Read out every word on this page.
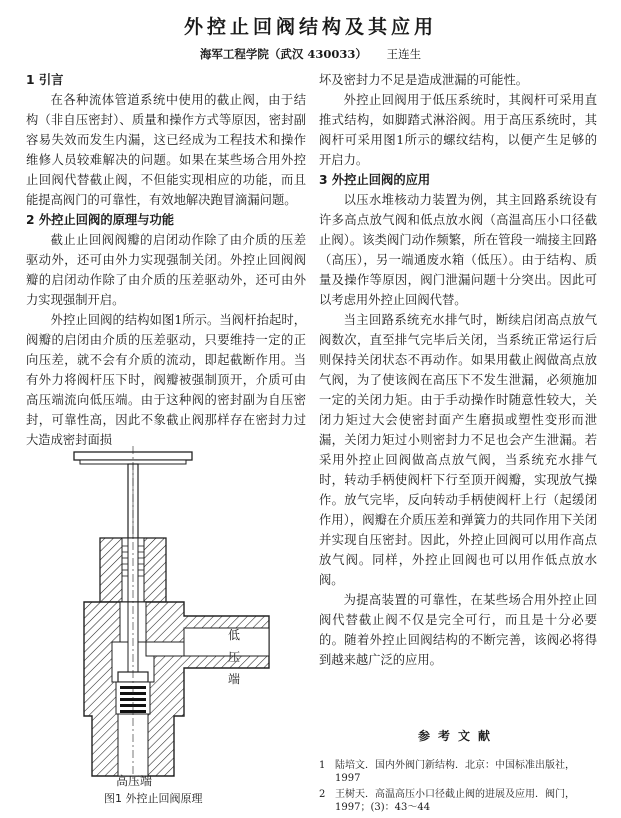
外控止回阀结构及其应用
海军工程学院（武汉 430033） 王连生

1 引言

在各种流体管道系统中使用的截止阀，由于结构（非自压密封）、质量和操作方式等原因，密封副容易失效而发生内漏，这已经成为工程技术和操作维修人员较难解决的问题。如果在某些场合用外控止回阀代替截止阀，不但能实现相应的功能，而且能提高阀门的可靠性，有效地解决跑冒滴漏问题。

2 外控止回阀的原理与功能

截止止回阀阀瓣的启闭动作除了由介质的压差驱动外，还可由外力实现强制关闭。外控止回阀阀瓣的启闭动作除了由介质的压差驱动外，还可由外力实现强制开启。

外控止回阀的结构如图1所示。当阀杆抬起时，阀瓣的启闭由介质的压差驱动，只要维持一定的正向压差，就不会有介质的流动，即起截断作用。当有外力将阀杆压下时，阀瓣被强制顶开，介质可由高压端流向低压端。由于这种阀的密封副为自压密封，可靠性高，因此不象截止阀那样存在密封力过大造成密封面损

低
压
端
高压端
图1 外控止回阀原理

坏及密封力不足是造成泄漏的可能性。

外控止回阀用于低压系统时，其阀杆可采用直推式结构，如脚踏式淋浴阀。用于高压系统时，其阀杆可采用图1所示的螺纹结构，以便产生足够的开启力。

3 外控止回阀的应用

以压水堆核动力装置为例，其主回路系统设有许多高点放气阀和低点放水阀（高温高压小口径截止阀）。该类阀门动作频繁，所在管段一端接主回路（高压），另一端通废水箱（低压）。由于结构、质量及操作等原因，阀门泄漏问题十分突出。因此可以考虑用外控止回阀代替。

当主回路系统充水排气时，断续启闭高点放气阀数次，直至排气完毕后关闭，当系统正常运行后则保持关闭状态不再动作。如果用截止阀做高点放气阀，为了使该阀在高压下不发生泄漏，必须施加一定的关闭力矩。由于手动操作时随意性较大，关闭力矩过大会使密封面产生磨损或塑性变形而泄漏，关闭力矩过小则密封力不足也会产生泄漏。若采用外控止回阀做高点放气阀，当系统充水排气时，转动手柄使阀杆下行至顶开阀瓣，实现放气操作。放气完毕，反向转动手柄使阀杆上行（起缓闭作用），阀瓣在介质压差和弹簧力的共同作用下关闭并实现自压密封。因此，外控止回阀可以用作高点放气阀。同样，外控止回阀也可以用作低点放水阀。

为提高装置的可靠性，在某些场合用外控止回阀代替截止阀不仅是完全可行，而且是十分必要的。随着外控止回阀结构的不断完善，该阀必将得到越来越广泛的应用。

参考文献
1 陆培文．国内外阀门新结构．北京：中国标准出版社，1997
2 王树天．高温高压小口径截止阀的进展及应用．阀门，1997；(3)：43～44
